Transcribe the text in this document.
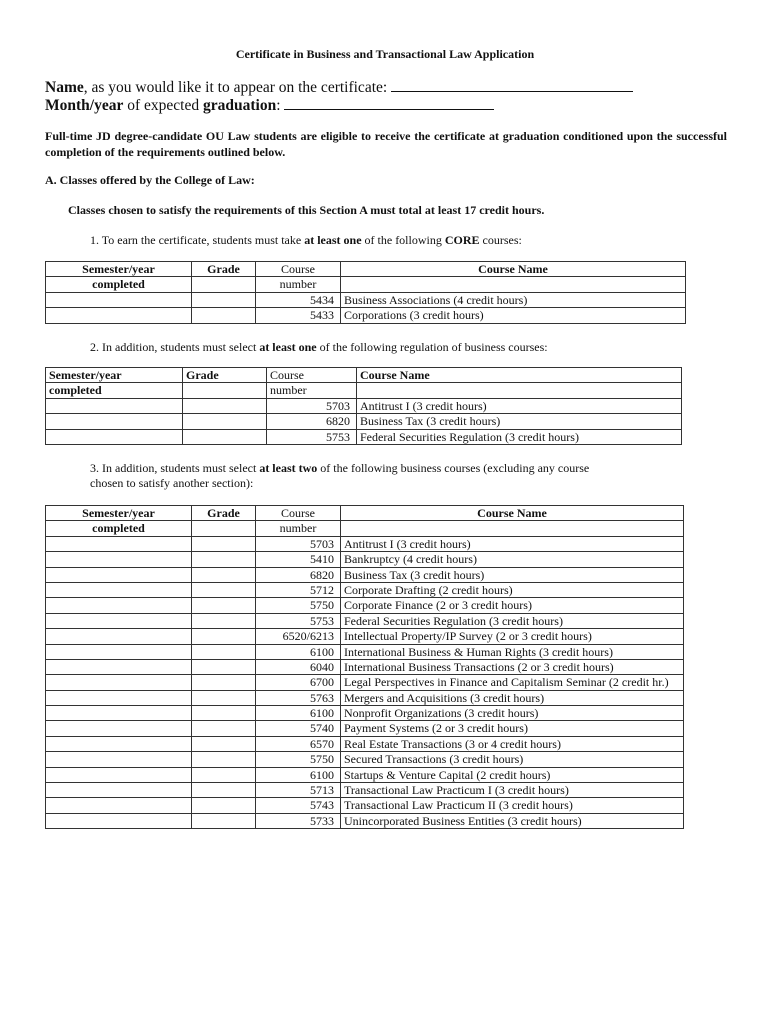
Certificate in Business and Transactional Law Application
Name, as you would like it to appear on the certificate:
Month/year of expected graduation:
Full-time JD degree-candidate OU Law students are eligible to receive the certificate at graduation conditioned upon the successful completion of the requirements outlined below.
A. Classes offered by the College of Law:
Classes chosen to satisfy the requirements of this Section A must total at least 17 credit hours.
1. To earn the certificate, students must take at least one of the following CORE courses:
Semester/year	Grade	Course	Course Name
completed		number	
		5434	Business Associations (4 credit hours)
		5433	Corporations (3 credit hours)
2. In addition, students must select at least one of the following regulation of business courses:
Semester/year	Grade	Course	Course Name
completed		number	
		5703	Antitrust I (3 credit hours)
		6820	Business Tax (3 credit hours)
		5753	Federal Securities Regulation (3 credit hours)
3. In addition, students must select at least two of the following business courses (excluding any course
chosen to satisfy another section):
Semester/year	Grade	Course	Course Name
completed		number	
		5703	Antitrust I (3 credit hours)
		5410	Bankruptcy (4 credit hours)
		6820	Business Tax (3 credit hours)
		5712	Corporate Drafting (2 credit hours)
		5750	Corporate Finance (2 or 3 credit hours)
		5753	Federal Securities Regulation (3 credit hours)
		6520/6213	Intellectual Property/IP Survey (2 or 3 credit hours)
		6100	International Business & Human Rights (3 credit hours)
		6040	International Business Transactions (2 or 3 credit hours)
		6700	Legal Perspectives in Finance and Capitalism Seminar (2 credit hr.)
		5763	Mergers and Acquisitions (3 credit hours)
		6100	Nonprofit Organizations (3 credit hours)
		5740	Payment Systems (2 or 3 credit hours)
		6570	Real Estate Transactions (3 or 4 credit hours)
		5750	Secured Transactions (3 credit hours)
		6100	Startups & Venture Capital (2 credit hours)
		5713	Transactional Law Practicum I (3 credit hours)
		5743	Transactional Law Practicum II (3 credit hours)
		5733	Unincorporated Business Entities (3 credit hours)
